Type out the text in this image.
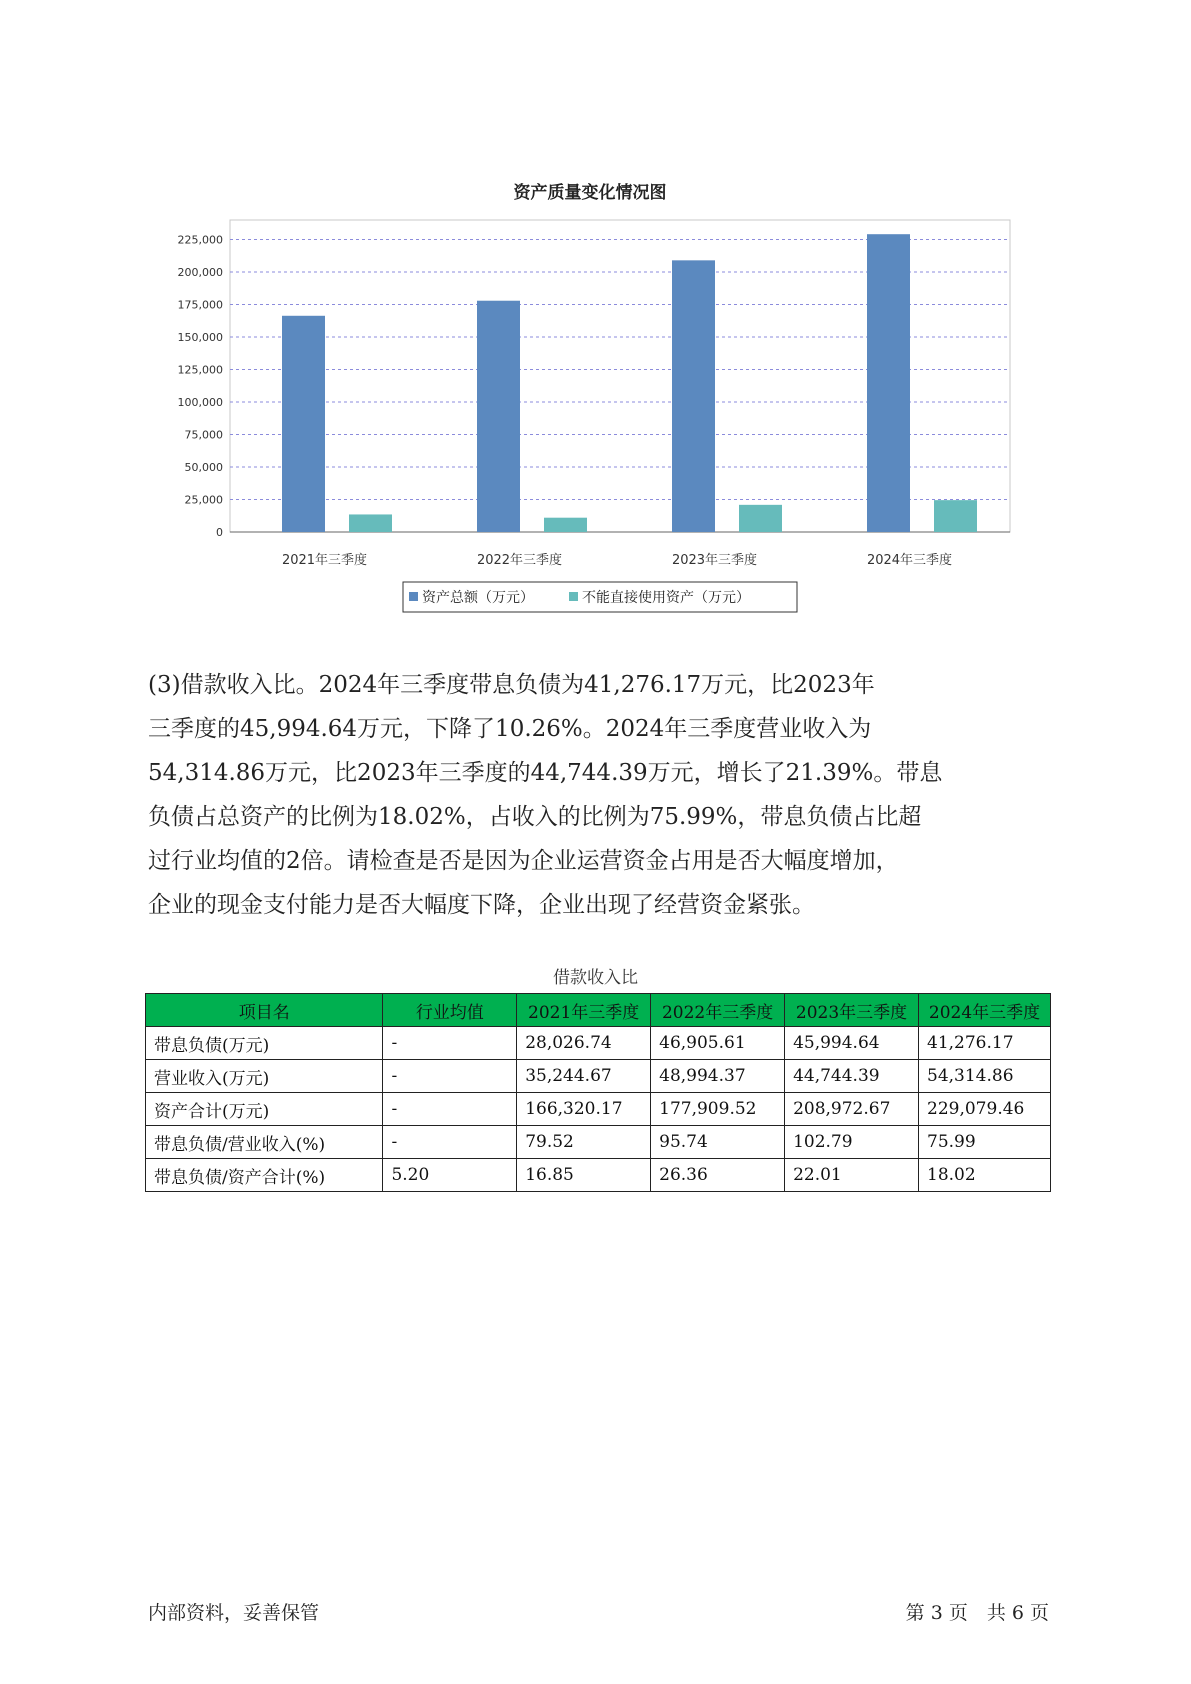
资产质量变化情况图
0
25,000
50,000
75,000
100,000
125,000
150,000
175,000
200,000
225,000
2021年三季度	2022年三季度	2023年三季度	2024年三季度
资产总额（万元）	不能直接使用资产（万元）
(3)借款收入比。2024年三季度带息负债为41,276.17万元，比2023年
三季度的45,994.64万元，下降了10.26%。2024年三季度营业收入为
54,314.86万元，比2023年三季度的44,744.39万元，增长了21.39%。带息
负债占总资产的比例为18.02%，占收入的比例为75.99%，带息负债占比超
过行业均值的2倍。请检查是否是因为企业运营资金占用是否大幅度增加，
企业的现金支付能力是否大幅度下降，企业出现了经营资金紧张。
借款收入比
项目名	行业均值	2021年三季度	2022年三季度	2023年三季度	2024年三季度
带息负债(万元)	-	28,026.74	46,905.61	45,994.64	41,276.17
营业收入(万元)	-	35,244.67	48,994.37	44,744.39	54,314.86
资产合计(万元)	-	166,320.17	177,909.52	208,972.67	229,079.46
带息负债/营业收入(%)	-	79.52	95.74	102.79	75.99
带息负债/资产合计(%)	5.20	16.85	26.36	22.01	18.02
内部资料，妥善保管	第 3 页　共 6 页
